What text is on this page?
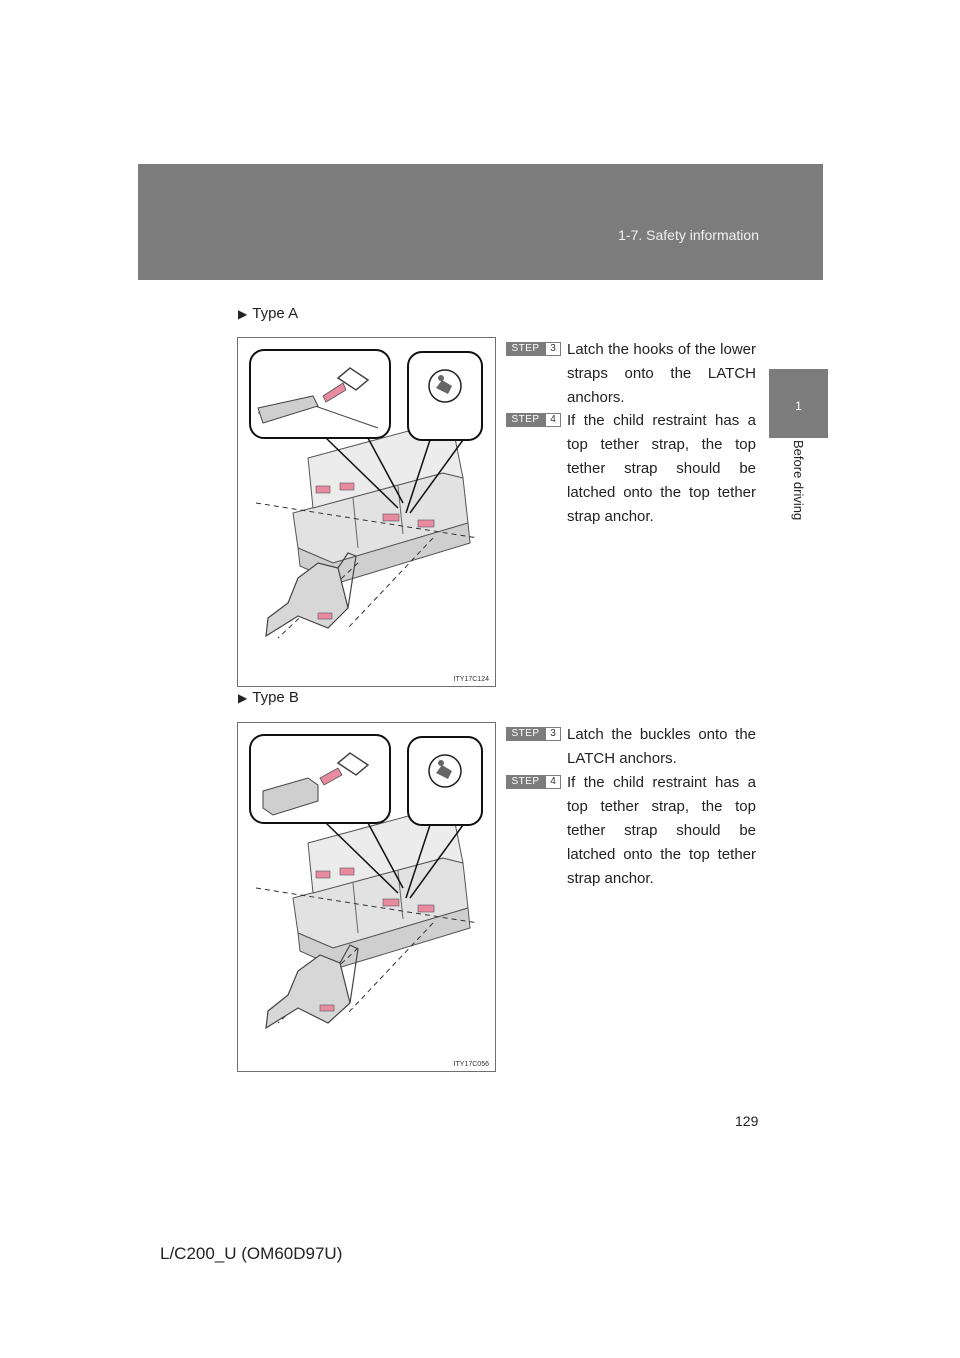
1-7. Safety information
1
Before driving
▶ Type A
ITY17C124
STEP	3 Latch the hooks of the lower straps onto the LATCH anchors.
STEP	4 If the child restraint has a top tether strap, the top tether strap should be latched onto the top tether strap anchor.
▶ Type B
ITY17C056
STEP	3 Latch the buckles onto the LATCH anchors.
STEP	4 If the child restraint has a top tether strap, the top tether strap should be latched onto the top tether strap anchor.
129
L/C200_U (OM60D97U)
